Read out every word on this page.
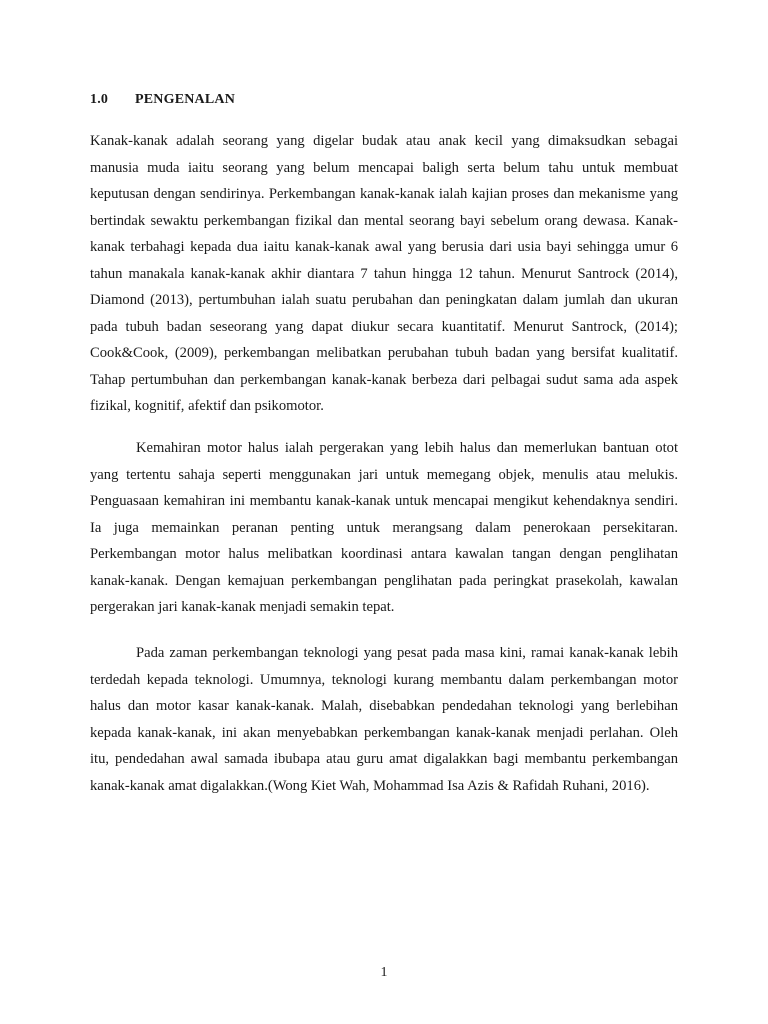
1.0 PENGENALAN

Kanak-kanak adalah seorang yang digelar budak atau anak kecil yang dimaksudkan sebagai manusia muda iaitu seorang yang belum mencapai baligh serta belum tahu untuk membuat keputusan dengan sendirinya. Perkembangan kanak-kanak ialah kajian proses dan mekanisme yang bertindak sewaktu perkembangan fizikal dan mental seorang bayi sebelum orang dewasa. Kanak-kanak terbahagi kepada dua iaitu kanak-kanak awal yang berusia dari usia bayi sehingga umur 6 tahun manakala kanak-kanak akhir diantara 7 tahun hingga 12 tahun. Menurut Santrock (2014), Diamond (2013), pertumbuhan ialah suatu perubahan dan peningkatan dalam jumlah dan ukuran pada tubuh badan seseorang yang dapat diukur secara kuantitatif. Menurut Santrock, (2014); Cook&Cook, (2009), perkembangan melibatkan perubahan tubuh badan yang bersifat kualitatif. Tahap pertumbuhan dan perkembangan kanak-kanak berbeza dari pelbagai sudut sama ada aspek fizikal, kognitif, afektif dan psikomotor.

Kemahiran motor halus ialah pergerakan yang lebih halus dan memerlukan bantuan otot yang tertentu sahaja seperti menggunakan jari untuk memegang objek, menulis atau melukis. Penguasaan kemahiran ini membantu kanak-kanak untuk mencapai mengikut kehendaknya sendiri. Ia juga memainkan peranan penting untuk merangsang dalam penerokaan persekitaran. Perkembangan motor halus melibatkan koordinasi antara kawalan tangan dengan penglihatan kanak-kanak. Dengan kemajuan perkembangan penglihatan pada peringkat prasekolah, kawalan pergerakan jari kanak-kanak menjadi semakin tepat.

Pada zaman perkembangan teknologi yang pesat pada masa kini, ramai kanak-kanak lebih terdedah kepada teknologi. Umumnya, teknologi kurang membantu dalam perkembangan motor halus dan motor kasar kanak-kanak. Malah, disebabkan pendedahan teknologi yang berlebihan kepada kanak-kanak, ini akan menyebabkan perkembangan kanak-kanak menjadi perlahan. Oleh itu, pendedahan awal samada ibubapa atau guru amat digalakkan bagi membantu perkembangan kanak-kanak amat digalakkan.(Wong Kiet Wah, Mohammad Isa Azis & Rafidah Ruhani, 2016).

1
